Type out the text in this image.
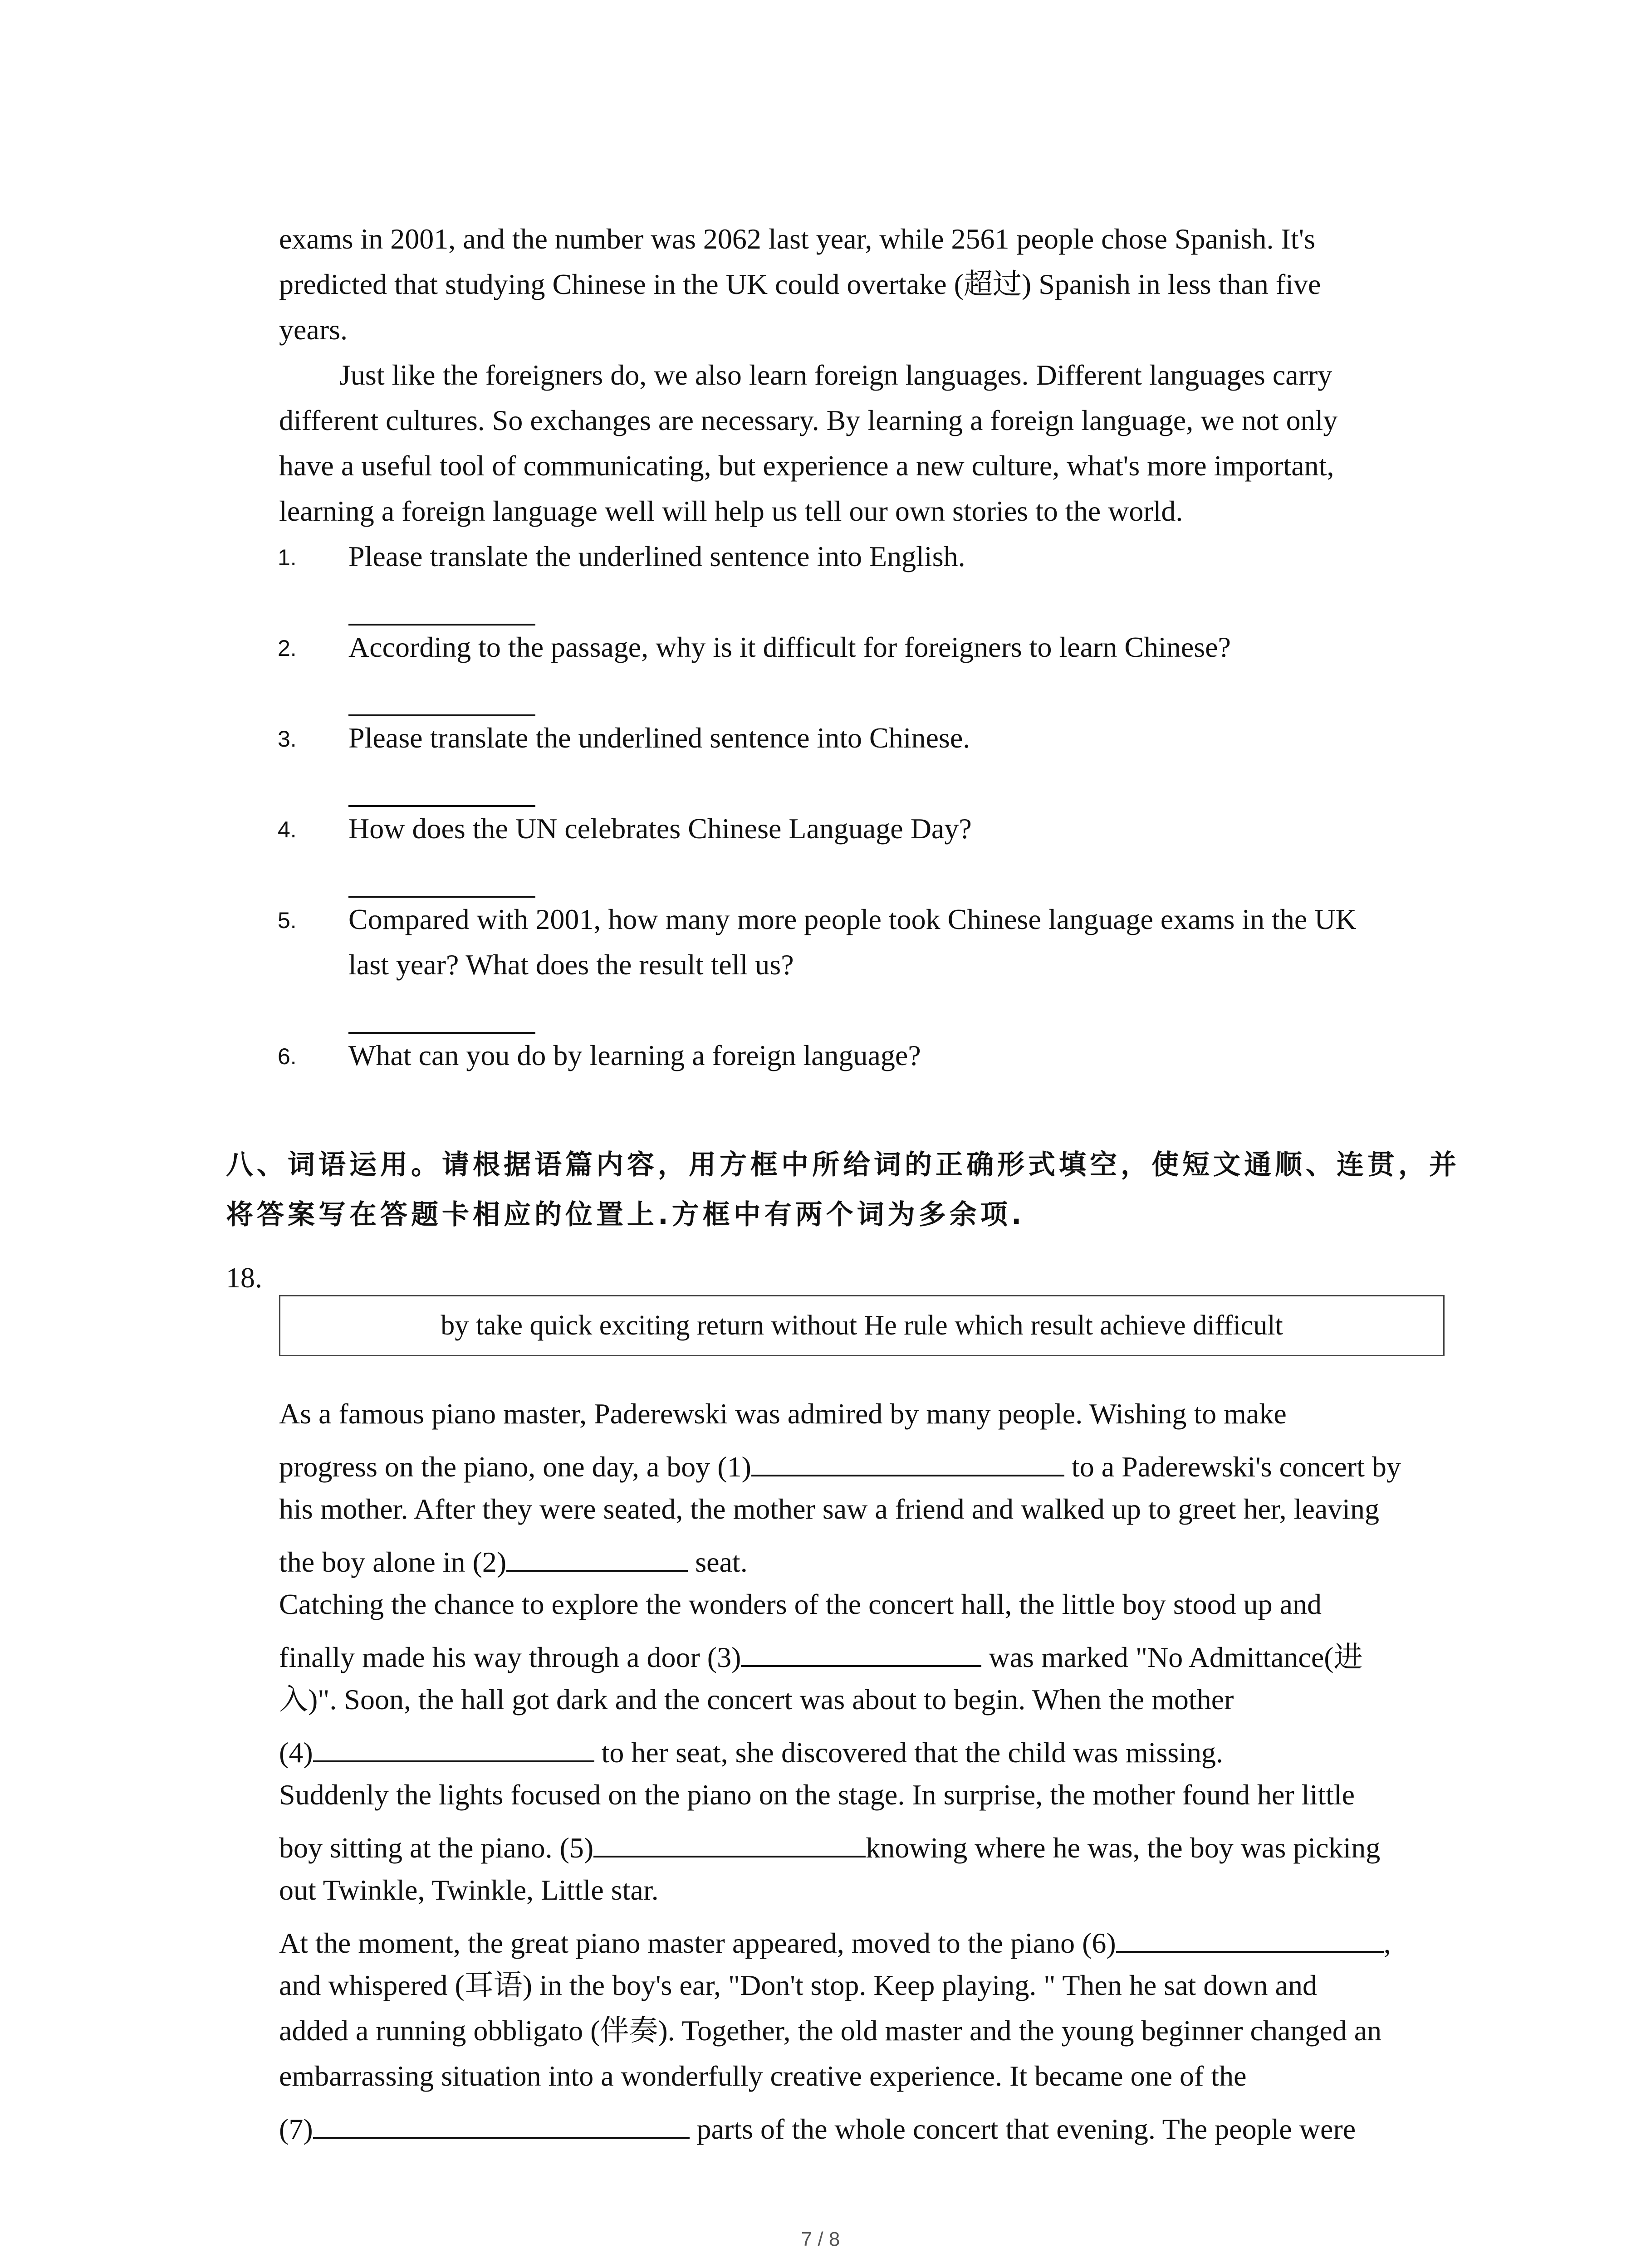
exams in 2001, and the number was 2062 last year, while 2561 people chose Spanish. It's

predicted that studying Chinese in the UK could overtake (超过) Spanish in less than five

years.

Just like the foreigners do, we also learn foreign languages. Different languages carry

different cultures. So exchanges are necessary. By learning a foreign language, we not only

have a useful tool of communicating, but experience a new culture, what's more important,

learning a foreign language well will help us tell our own stories to the world.

1. Please translate the underlined sentence into English.

2. According to the passage, why is it difficult for foreigners to learn Chinese?

3. Please translate the underlined sentence into Chinese.

4. How does the UN celebrates Chinese Language Day?

5. Compared with 2001, how many more people took Chinese language exams in the UK

last year? What does the result tell us?

6. What can you do by learning a foreign language?

八、词语运用。请根据语篇内容，用方框中所给词的正确形式填空，使短文通顺、连贯，并

将答案写在答题卡相应的位置上.方框中有两个词为多余项.

18.

by take quick exciting return without He rule which result achieve difficult

As a famous piano master, Paderewski was admired by many people. Wishing to make

progress on the piano, one day, a boy (1)	to a Paderewski's concert by

his mother. After they were seated, the mother saw a friend and walked up to greet her, leaving

the boy alone in (2)	seat.

Catching the chance to explore the wonders of the concert hall, the little boy stood up and

finally made his way through a door (3)	was marked "No Admittance(进

入)". Soon, the hall got dark and the concert was about to begin. When the mother

(4)	to her seat, she discovered that the child was missing.

Suddenly the lights focused on the piano on the stage. In surprise, the mother found her little

boy sitting at the piano. (5)	knowing where he was, the boy was picking

out Twinkle, Twinkle, Little star.

At the moment, the great piano master appeared, moved to the piano (6)	,

and whispered (耳语) in the boy's ear, "Don't stop. Keep playing. " Then he sat down and

added a running obbligato (伴奏). Together, the old master and the young beginner changed an

embarrassing situation into a wonderfully creative experience. It became one of the

(7)	parts of the whole concert that evening. The people were

7 / 8
